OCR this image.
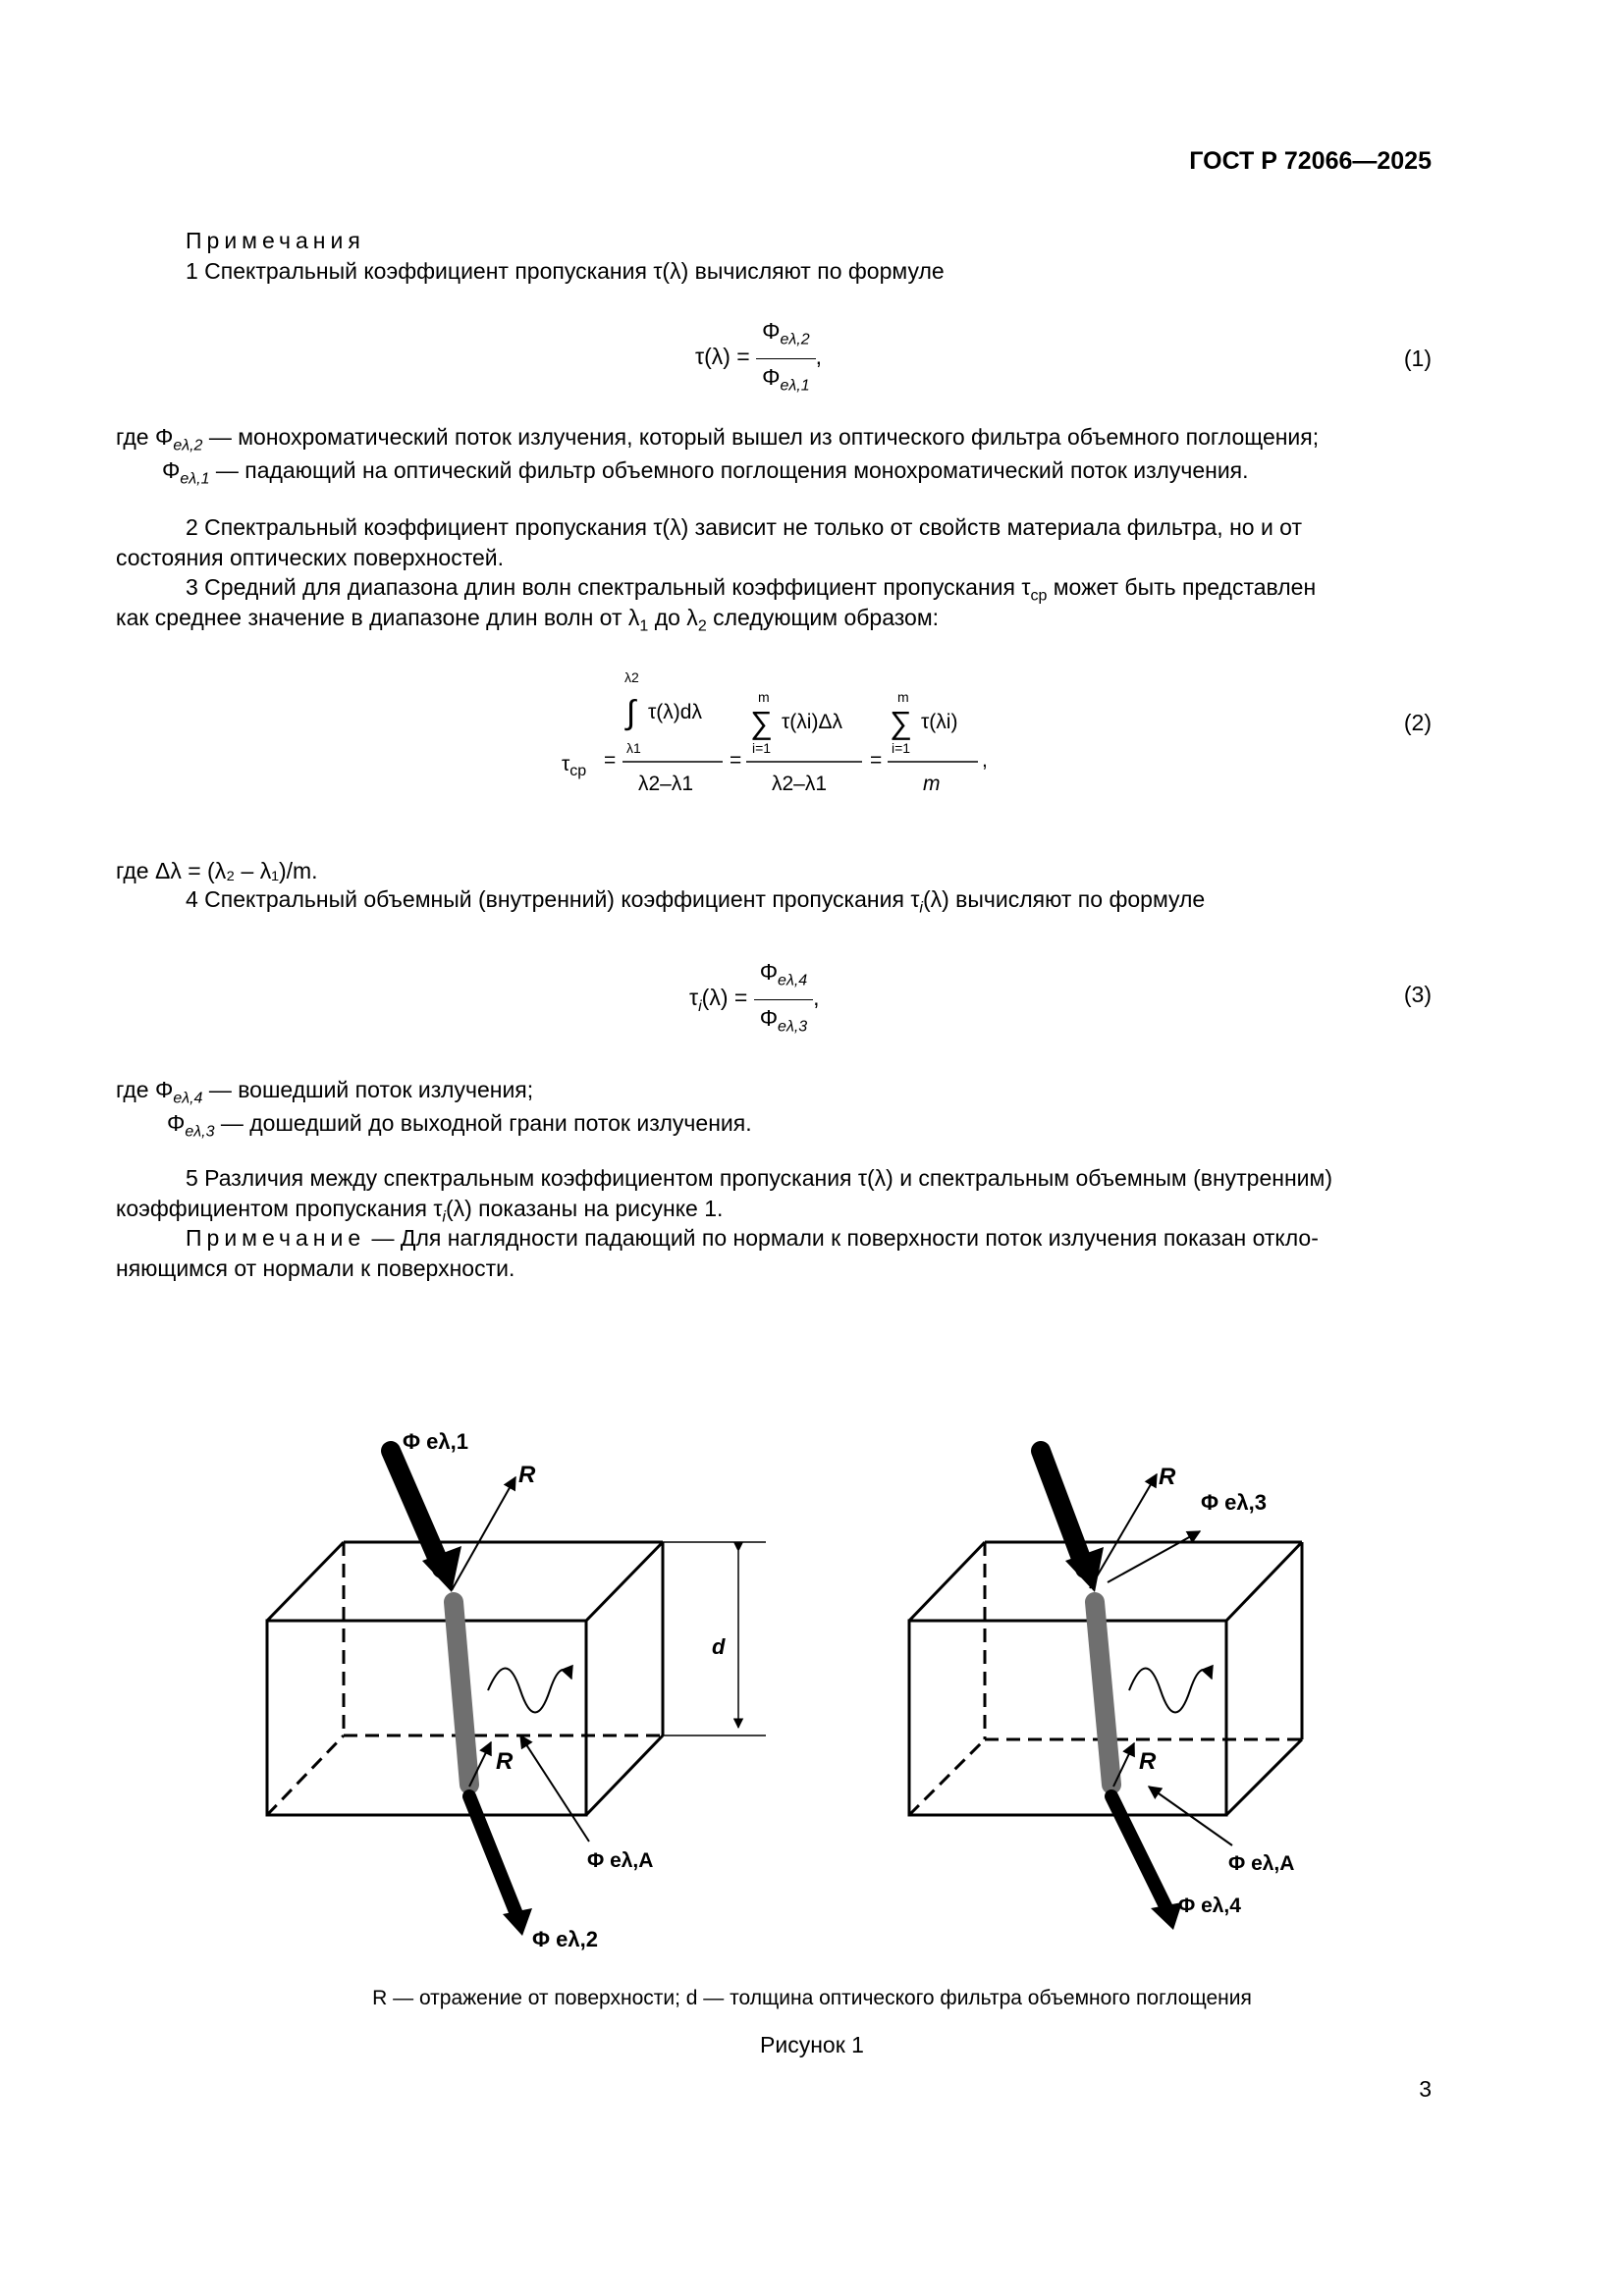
ГОСТ Р 72066—2025
Примечания
1 Спектральный коэффициент пропускания τ(λ) вычисляют по формуле
$\tau(\lambda) = \frac{\Phi_{e\lambda,2}}{\Phi_{e\lambda,1}}$ ,	(1)
где $\Phi_{e\lambda,2}$ — монохроматический поток излучения, который вышел из оптического фильтра объемного поглощения;
$\Phi_{e\lambda,1}$ — падающий на оптический фильтр объемного поглощения монохроматический поток излучения.
2 Спектральный коэффициент пропускания τ(λ) зависит не только от свойств материала фильтра, но и от
состояния оптических поверхностей.
3 Средний для диапазона длин волн спектральный коэффициент пропускания $\tau_{ср}$ может быть представлен
как среднее значение в диапазоне длин волн от $\lambda_1$ до $\lambda_2$ следующим образом:
$\tau_{ср}$ =
λ2
∫ τ(λ)dλ
λ1
λ2–λ1
=
m
∑ τ(λi)Δλ
i=1
λ2–λ1
=
m
∑ τ(λi)
i=1
m
,
(2)
где Δλ = (λ₂ – λ₁)/m.
4 Спектральный объемный (внутренний) коэффициент пропускания $\tau_i(\lambda)$ вычисляют по формуле
$\tau_i(\lambda) = \frac{\Phi_{e\lambda,4}}{\Phi_{e\lambda,3}}$ ,	(3)
где $\Phi_{e\lambda,4}$ — вошедший поток излучения;
$\Phi_{e\lambda,3}$ — дошедший до выходной грани поток излучения.
5 Различия между спектральным коэффициентом пропускания τ(λ) и спектральным объемным (внутренним)
коэффициентом пропускания $\tau_i(\lambda)$ показаны на рисунке 1.
Примечание — Для наглядности падающий по нормали к поверхности поток излучения показан откло-
няющимся от нормали к поверхности.
d
Φ eλ,1
R
R
Φ eλ,A
Φ eλ,2
R
Φ eλ,3
R
Φ eλ,A
Φ eλ,4
R — отражение от поверхности; d — толщина оптического фильтра объемного поглощения
Рисунок 1
3
